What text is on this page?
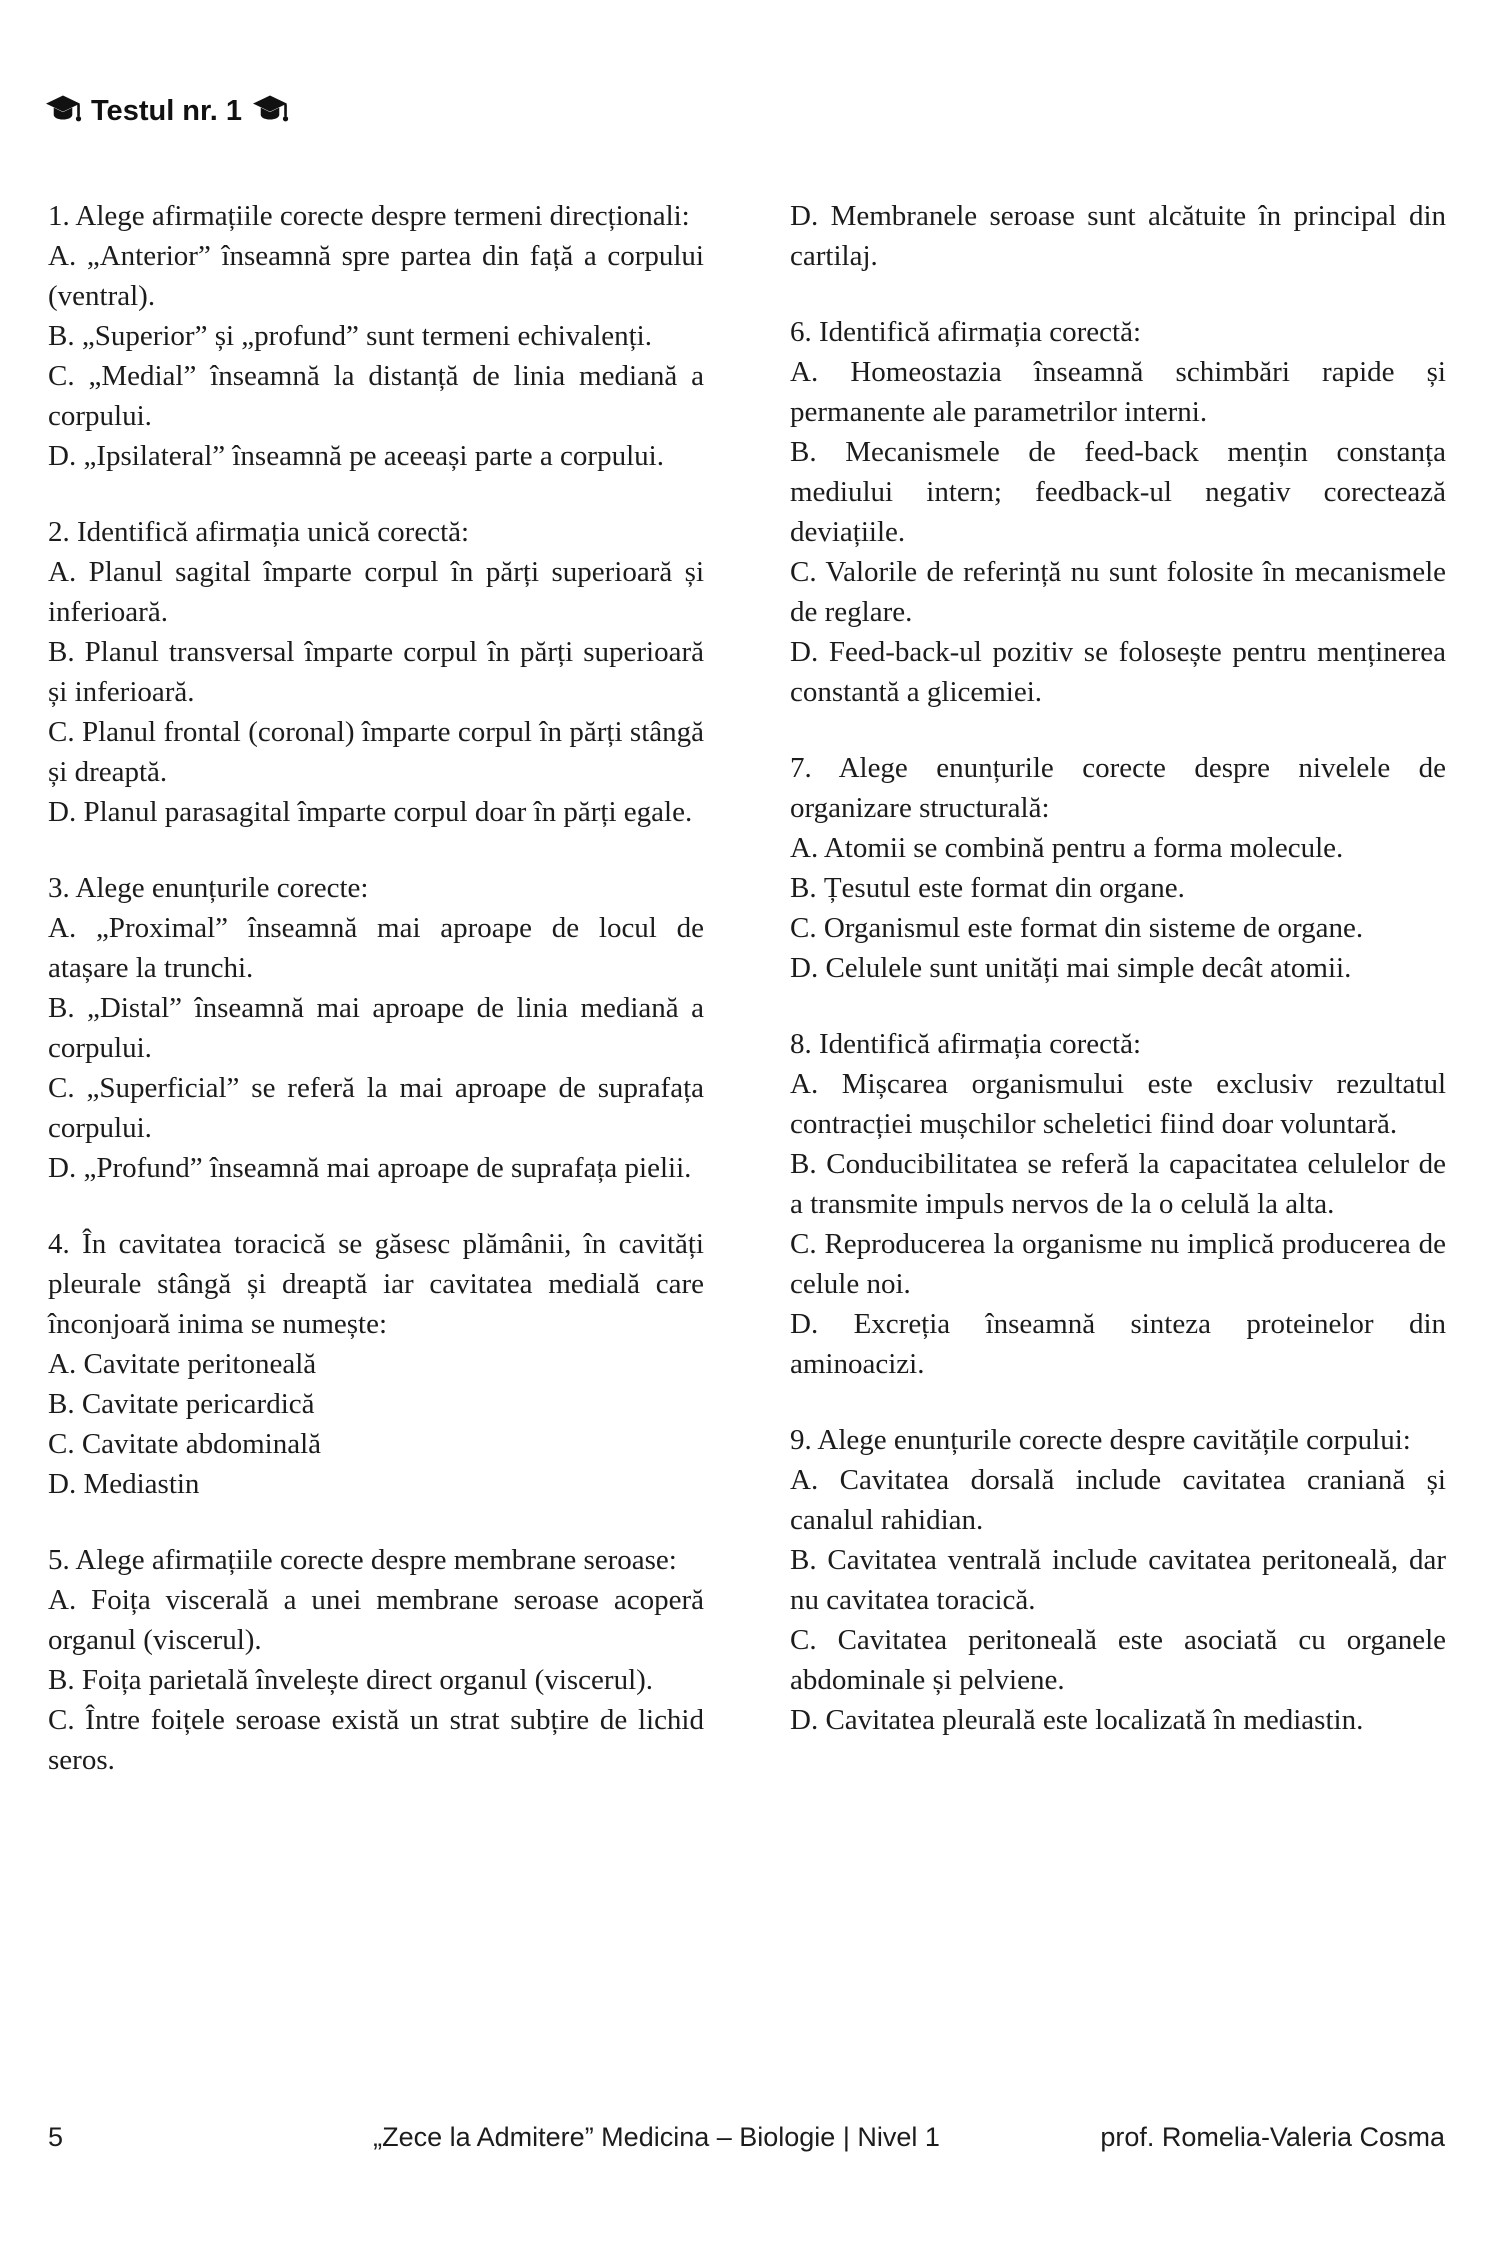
Testul nr. 1

1. Alege afirmațiile corecte despre termeni direcționali:

A. „Anterior” înseamnă spre partea din față a corpului (ventral).

B. „Superior” și „profund” sunt termeni echivalenți.

C. „Medial” înseamnă la distanță de linia mediană a corpului.

D. „Ipsilateral” înseamnă pe aceeași parte a corpului.

2. Identifică afirmația unică corectă:

A. Planul sagital împarte corpul în părți superioară și inferioară.

B. Planul transversal împarte corpul în părți superioară și inferioară.

C. Planul frontal (coronal) împarte corpul în părți stângă și dreaptă.

D. Planul parasagital împarte corpul doar în părți egale.

3. Alege enunțurile corecte:

A. „Proximal” înseamnă mai aproape de locul de atașare la trunchi.

B. „Distal” înseamnă mai aproape de linia mediană a corpului.

C. „Superficial” se referă la mai aproape de suprafața corpului.

D. „Profund” înseamnă mai aproape de suprafața pielii.

4. În cavitatea toracică se găsesc plămânii, în cavități pleurale stângă și dreaptă iar cavitatea medială care înconjoară inima se numește:

A. Cavitate peritoneală

B. Cavitate pericardică

C. Cavitate abdominală

D. Mediastin

5. Alege afirmațiile corecte despre membrane seroase:

A. Foița viscerală a unei membrane seroase acoperă organul (viscerul).

B. Foița parietală învelește direct organul (viscerul).

C. Între foițele seroase există un strat subțire de lichid seros.

D. Membranele seroase sunt alcătuite în principal din cartilaj.

6. Identifică afirmația corectă:

A. Homeostazia înseamnă schimbări rapide și permanente ale parametrilor interni.

B. Mecanismele de feed-back mențin constanța mediului intern; feedback-ul negativ corectează deviațiile.

C. Valorile de referință nu sunt folosite în mecanismele de reglare.

D. Feed-back-ul pozitiv se folosește pentru menținerea constantă a glicemiei.

7. Alege enunțurile corecte despre nivelele de organizare structurală:

A. Atomii se combină pentru a forma molecule.

B. Țesutul este format din organe.

C. Organismul este format din sisteme de organe.

D. Celulele sunt unități mai simple decât atomii.

8. Identifică afirmația corectă:

A. Mișcarea organismului este exclusiv rezultatul contracției mușchilor scheletici fiind doar voluntară.

B. Conducibilitatea se referă la capacitatea celulelor de a transmite impuls nervos de la o celulă la alta.

C. Reproducerea la organisme nu implică producerea de celule noi.

D. Excreția înseamnă sinteza proteinelor din aminoacizi.

9. Alege enunțurile corecte despre cavitățile corpului:

A. Cavitatea dorsală include cavitatea craniană și canalul rahidian.

B. Cavitatea ventrală include cavitatea peritoneală, dar nu cavitatea toracică.

C. Cavitatea peritoneală este asociată cu organele abdominale și pelviene.

D. Cavitatea pleurală este localizată în mediastin.

5	„Zece la Admitere” Medicina – Biologie | Nivel 1	prof. Romelia-Valeria Cosma
